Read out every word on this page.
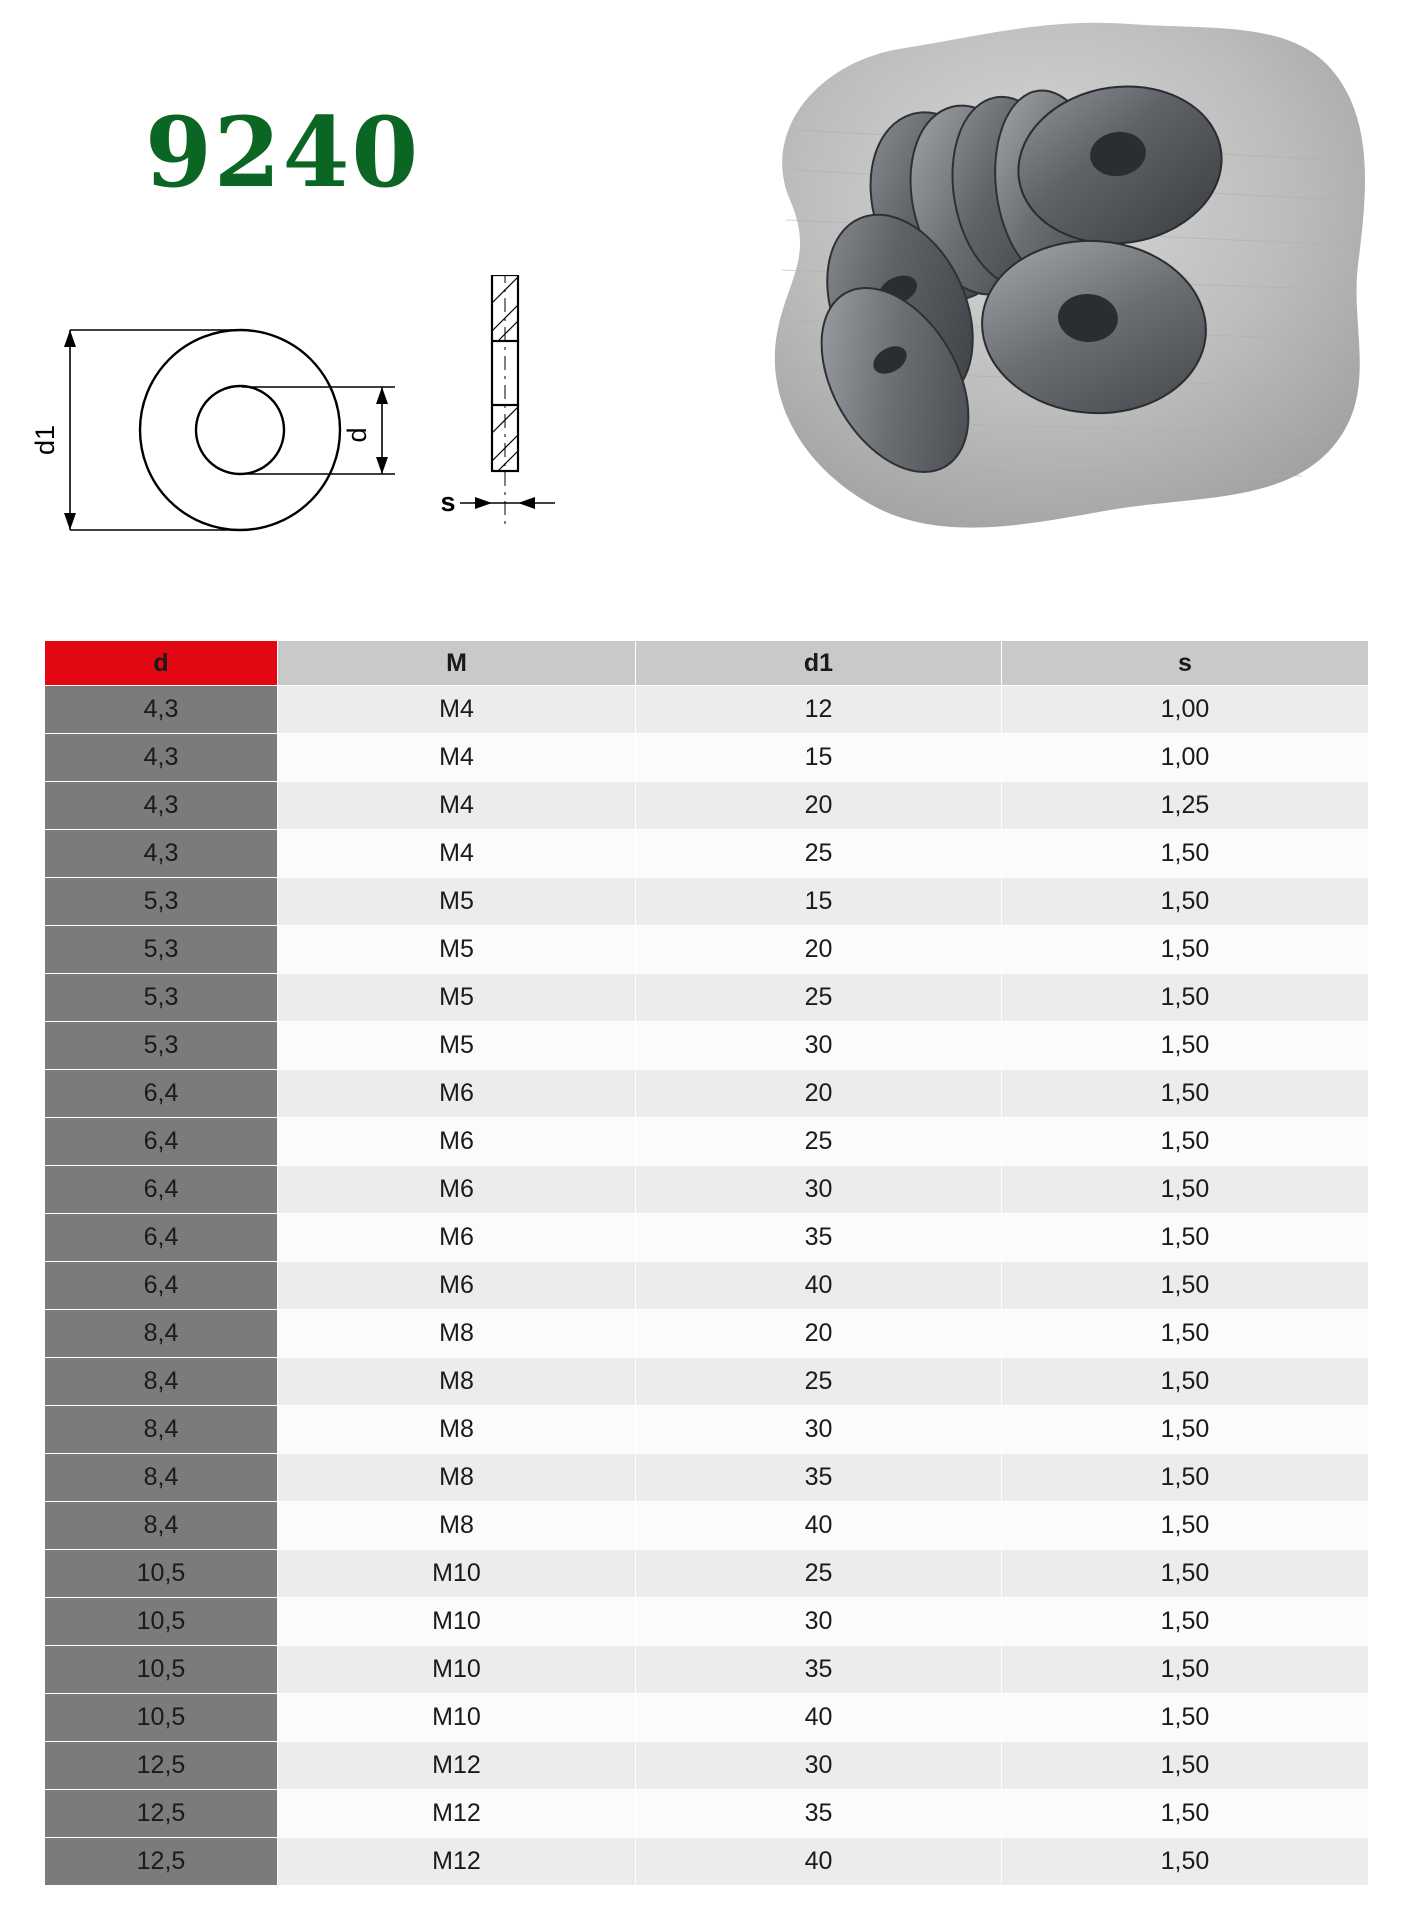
9240
d1	d
s
d	M	d1	s
4,3	M4	12	1,00
4,3	M4	15	1,00
4,3	M4	20	1,25
4,3	M4	25	1,50
5,3	M5	15	1,50
5,3	M5	20	1,50
5,3	M5	25	1,50
5,3	M5	30	1,50
6,4	M6	20	1,50
6,4	M6	25	1,50
6,4	M6	30	1,50
6,4	M6	35	1,50
6,4	M6	40	1,50
8,4	M8	20	1,50
8,4	M8	25	1,50
8,4	M8	30	1,50
8,4	M8	35	1,50
8,4	M8	40	1,50
10,5	M10	25	1,50
10,5	M10	30	1,50
10,5	M10	35	1,50
10,5	M10	40	1,50
12,5	M12	30	1,50
12,5	M12	35	1,50
12,5	M12	40	1,50
